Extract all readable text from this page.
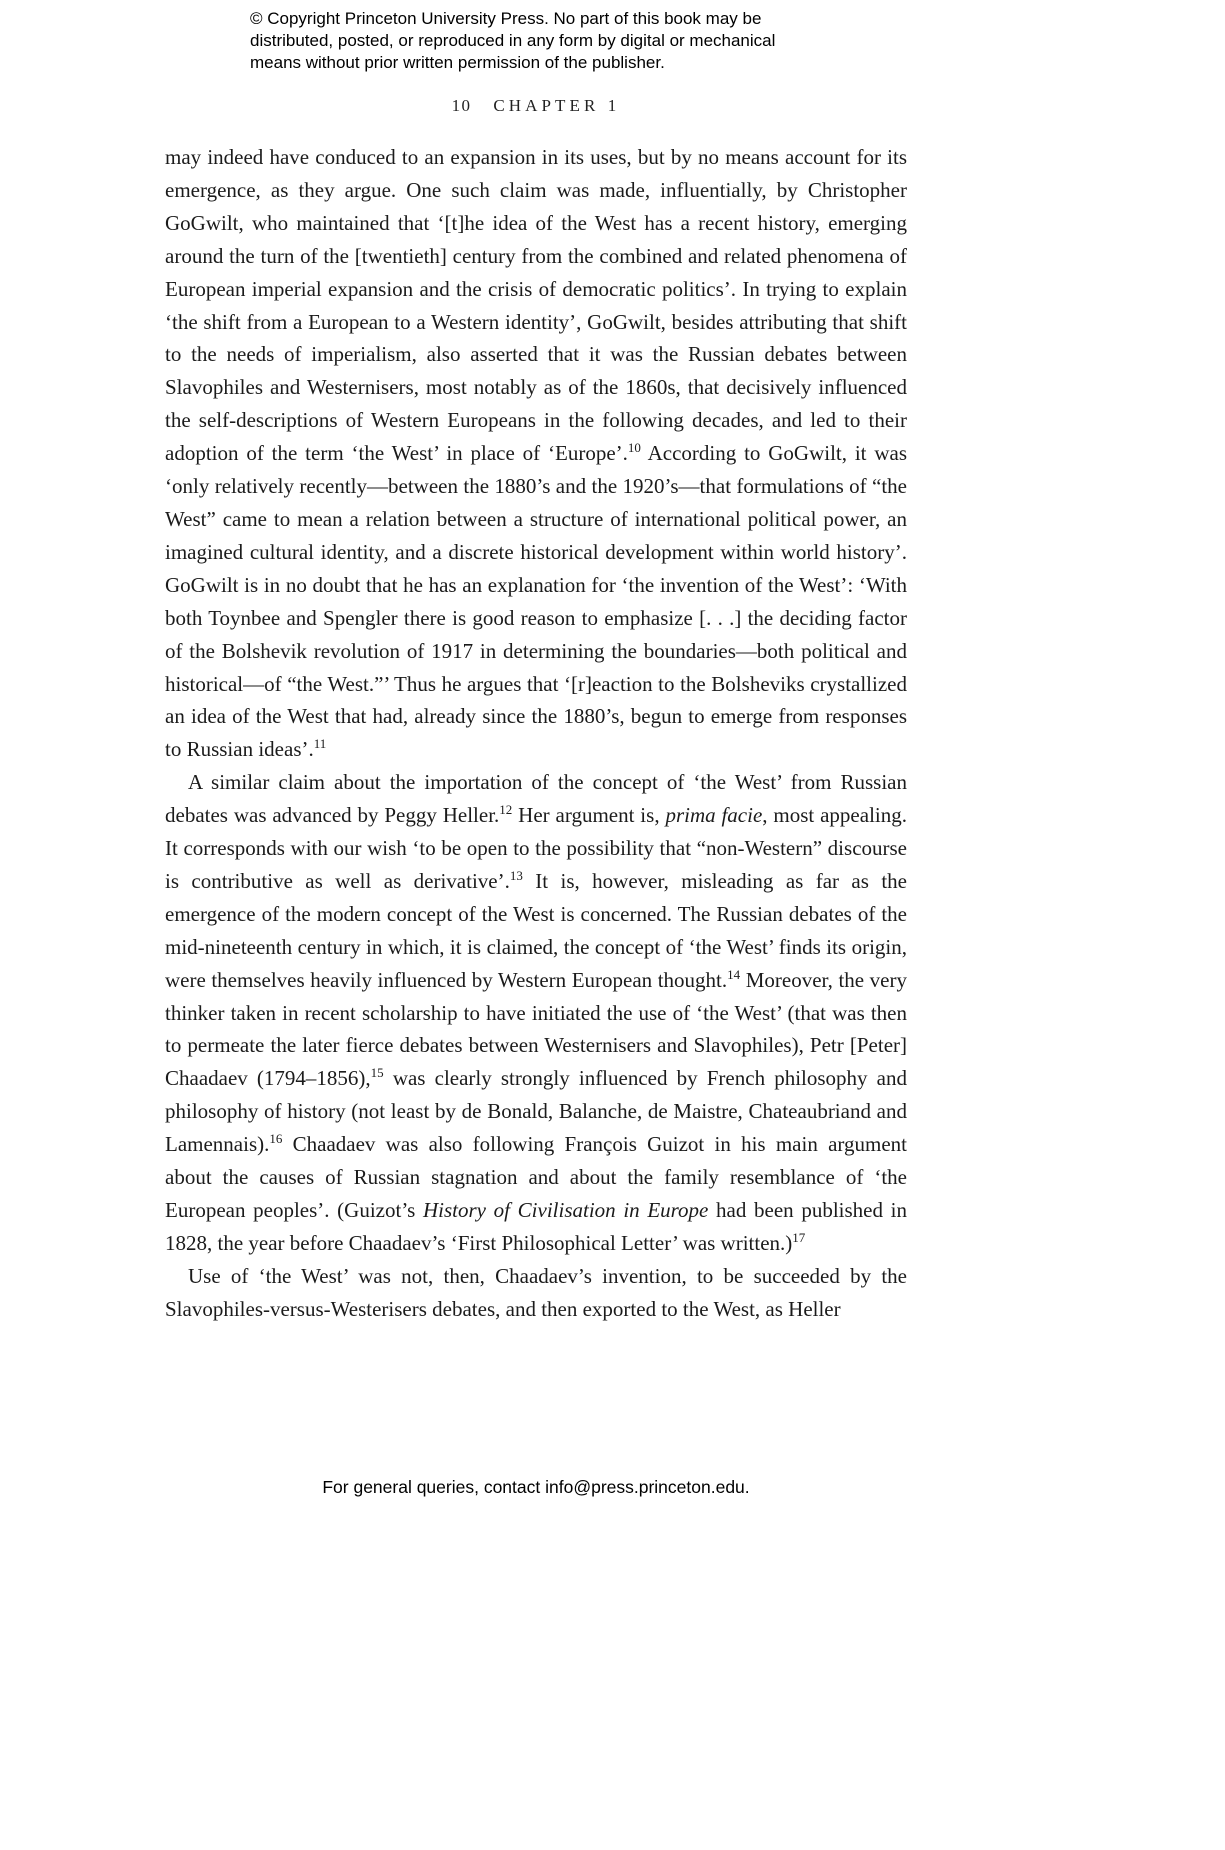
© Copyright Princeton University Press. No part of this book may be
distributed, posted, or reproduced in any form by digital or mechanical
means without prior written permission of the publisher.
10 CHAPTER 1

may indeed have conduced to an expansion in its uses, but by no means account for its emergence, as they argue. One such claim was made, influentially, by Christopher GoGwilt, who maintained that ‘[t]he idea of the West has a recent history, emerging around the turn of the [twentieth] century from the combined and related phenomena of European imperial expansion and the crisis of democratic politics’. In trying to explain ‘the shift from a European to a Western identity’, GoGwilt, besides attributing that shift to the needs of imperialism, also asserted that it was the Russian debates between Slavophiles and Westernisers, most notably as of the 1860s, that decisively influenced the self-descriptions of Western Europeans in the following decades, and led to their adoption of the term ‘the West’ in place of ‘Europe’.$^{10}$ According to GoGwilt, it was ‘only relatively recently—between the 1880’s and the 1920’s—that formulations of “the West” came to mean a relation between a structure of international political power, an imagined cultural identity, and a discrete historical development within world history’. GoGwilt is in no doubt that he has an explanation for ‘the invention of the West’: ‘With both Toynbee and Spengler there is good reason to emphasize [. . .] the deciding factor of the Bolshevik revolution of 1917 in determining the boundaries—both political and historical—of “the West.”’ Thus he argues that ‘[r]eaction to the Bolsheviks crystallized an idea of the West that had, already since the 1880’s, begun to emerge from responses to Russian ideas’.$^{11}$

A similar claim about the importation of the concept of ‘the West’ from Russian debates was advanced by Peggy Heller.$^{12}$ Her argument is, prima facie, most appealing. It corresponds with our wish ‘to be open to the possibility that “non-Western” discourse is contributive as well as derivative’.$^{13}$ It is, however, misleading as far as the emergence of the modern concept of the West is concerned. The Russian debates of the mid-nineteenth century in which, it is claimed, the concept of ‘the West’ finds its origin, were themselves heavily influenced by Western European thought.$^{14}$ Moreover, the very thinker taken in recent scholarship to have initiated the use of ‘the West’ (that was then to permeate the later fierce debates between Westernisers and Slavophiles), Petr [Peter] Chaadaev (1794–1856),$^{15}$ was clearly strongly influenced by French philosophy and philosophy of history (not least by de Bonald, Balanche, de Maistre, Chateaubriand and Lamennais).$^{16}$ Chaadaev was also following François Guizot in his main argument about the causes of Russian stagnation and about the family resemblance of ‘the European peoples’. (Guizot’s History of Civilisation in Europe had been published in 1828, the year before Chaadaev’s ‘First Philosophical Letter’ was written.)$^{17}$

Use of ‘the West’ was not, then, Chaadaev’s invention, to be succeeded by the Slavophiles-versus-Westerisers debates, and then exported to the West, as Heller

For general queries, contact info@press.princeton.edu.
